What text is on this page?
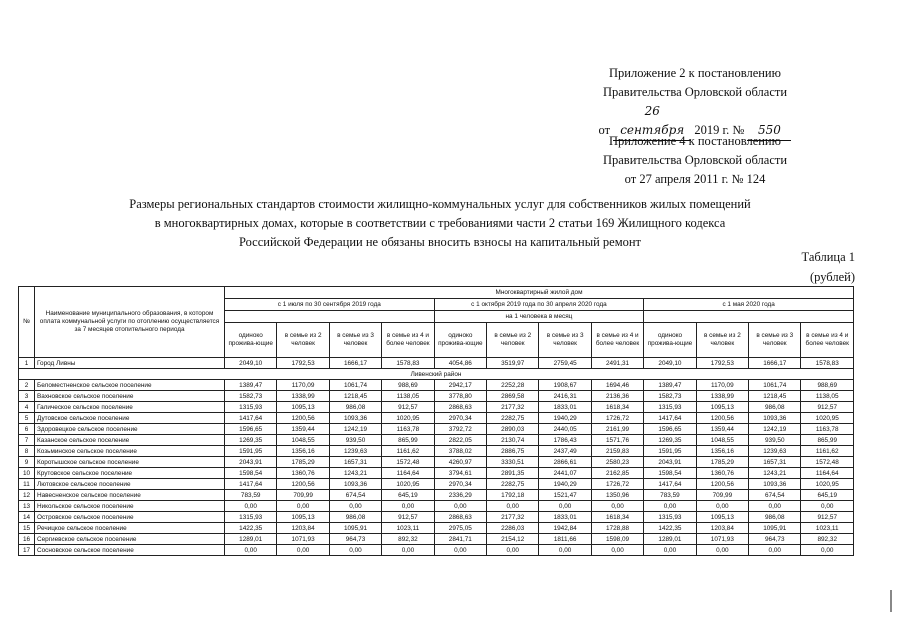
Приложение 2 к постановлению
Правительства Орловской области
от 26 сентября 2019 г. № 550
Приложение 4 к постановлению
Правительства Орловской области
от 27 апреля 2011 г. № 124
Размеры региональных стандартов стоимости жилищно-коммунальных услуг для собственников жилых помещений
в многоквартирных домах, которые в соответствии с требованиями части 2 статьи 169 Жилищного кодекса
Российской Федерации не обязаны вносить взносы на капитальный ремонт
Таблица 1
(рублей)
№	Наименование муниципального образования, в котором оплата коммунальной услуги по отоплению осуществляется за 7 месяцев отопительного периода	Многоквартирный жилой дом											
		с 1 июля по 30 сентября 2019 года				с 1 октября 2019 года по 30 апреля 2020 года				с 1 мая 2020 года			
						на 1 человека в месяц							
		одиноко прожива-ющие	в семье из 2 человек	в семье из 3 человек	в семье из 4 и более человек	одиноко прожива-ющие	в семье из 2 человек	в семье из 3 человек	в семье из 4 и более человек	одиноко прожива-ющие	в семье из 2 человек	в семье из 3 человек	в семье из 4 и более человек
1	Город Ливны	2049,10	1792,53	1666,17	1578,83	4054,86	3519,97	2759,45	2491,31	2049,10	1792,53	1666,17	1578,83
Ливенский район													
2	Беломестненское сельское поселение	1389,47	1170,09	1061,74	988,69	2942,17	2252,28	1908,67	1694,46	1389,47	1170,09	1061,74	988,69
3	Вахновское сельское поселение	1582,73	1338,99	1218,45	1138,05	3778,80	2869,58	2416,31	2136,36	1582,73	1338,99	1218,45	1138,05
4	Галическое сельское поселение	1315,93	1095,13	986,08	912,57	2868,63	2177,32	1833,01	1618,34	1315,93	1095,13	986,08	912,57
5	Дутовское сельское поселение	1417,64	1200,56	1093,36	1020,95	2970,34	2282,75	1940,29	1726,72	1417,64	1200,56	1093,36	1020,95
6	Здоровецкое сельское поселение	1596,65	1359,44	1242,19	1163,78	3792,72	2890,03	2440,05	2161,99	1596,65	1359,44	1242,19	1163,78
7	Казанское сельское поселение	1269,35	1048,55	939,50	865,99	2822,05	2130,74	1786,43	1571,76	1269,35	1048,55	939,50	865,99
8	Козьминское сельское поселение	1591,95	1356,16	1239,63	1161,62	3788,02	2886,75	2437,49	2159,83	1591,95	1356,16	1239,63	1161,62
9	Коротышское сельское поселение	2043,91	1785,29	1657,31	1572,48	4260,97	3330,51	2866,61	2580,23	2043,91	1785,29	1657,31	1572,48
10	Крутовское сельское поселение	1598,54	1360,76	1243,21	1164,64	3794,61	2891,35	2441,07	2162,85	1598,54	1360,76	1243,21	1164,64
11	Лютовское сельское поселение	1417,64	1200,56	1093,36	1020,95	2970,34	2282,75	1940,29	1726,72	1417,64	1200,56	1093,36	1020,95
12	Навесненское сельское поселение	783,59	709,99	674,54	645,19	2336,29	1792,18	1521,47	1350,96	783,59	709,99	674,54	645,19
13	Никольское сельское поселение	0,00	0,00	0,00	0,00	0,00	0,00	0,00	0,00	0,00	0,00	0,00	0,00
14	Островское сельское поселение	1315,93	1095,13	986,08	912,57	2868,63	2177,32	1833,01	1618,34	1315,93	1095,13	986,08	912,57
15	Речицкое сельское поселение	1422,35	1203,84	1095,91	1023,11	2975,05	2286,03	1942,84	1728,88	1422,35	1203,84	1095,91	1023,11
16	Сергиевское сельское поселение	1289,01	1071,93	964,73	892,32	2841,71	2154,12	1811,66	1598,09	1289,01	1071,93	964,73	892,32
17	Сосновское сельское поселение	0,00	0,00	0,00	0,00	0,00	0,00	0,00	0,00	0,00	0,00	0,00	0,00
